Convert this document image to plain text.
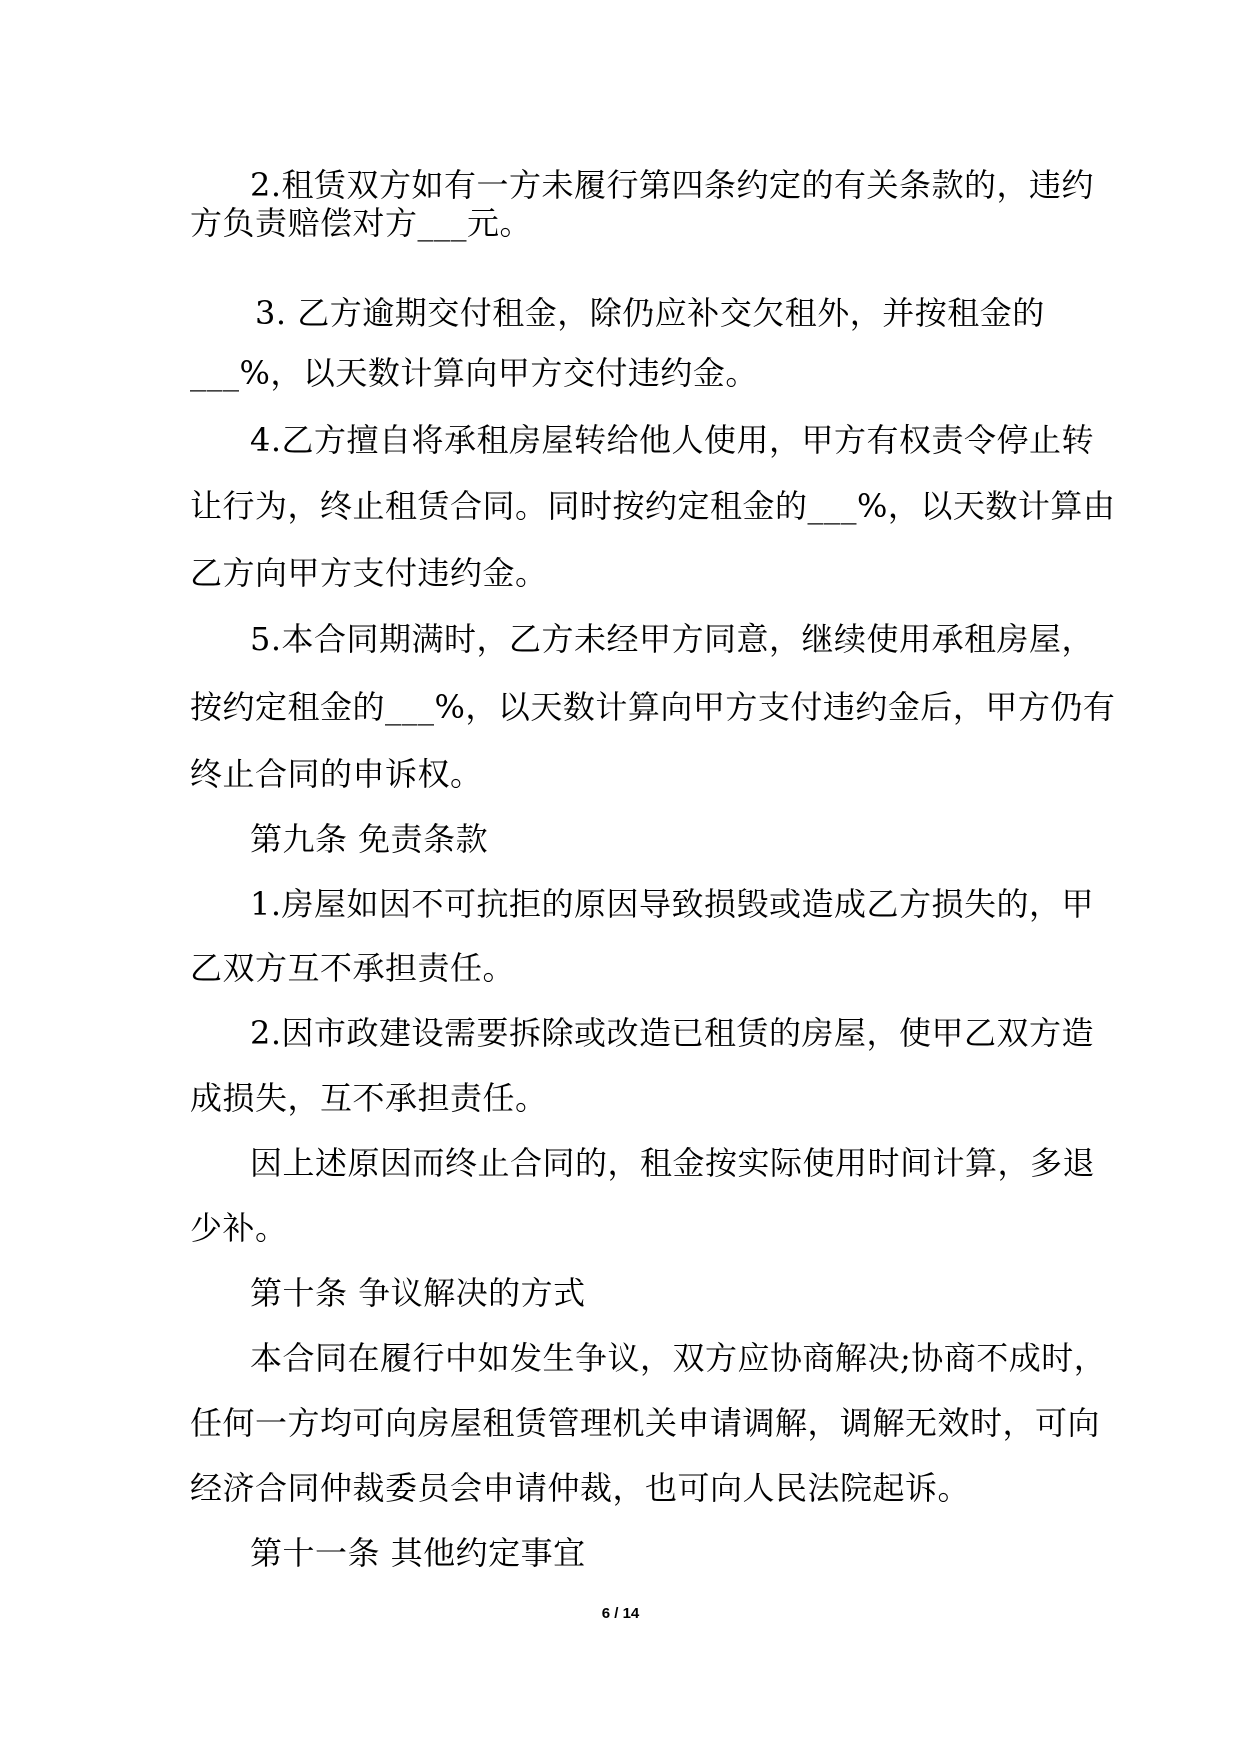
2.租赁双方如有一方未履行第四条约定的有关条款的，违约
方负责赔偿对方___元。
3. 乙方逾期交付租金，除仍应补交欠租外，并按租金的
___%，以天数计算向甲方交付违约金。
4.乙方擅自将承租房屋转给他人使用，甲方有权责令停止转
让行为，终止租赁合同。同时按约定租金的___%，以天数计算由
乙方向甲方支付违约金。
5.本合同期满时，乙方未经甲方同意，继续使用承租房屋，
按约定租金的___%，以天数计算向甲方支付违约金后，甲方仍有
终止合同的申诉权。
第九条 免责条款
1.房屋如因不可抗拒的原因导致损毁或造成乙方损失的，甲
乙双方互不承担责任。
2.因市政建设需要拆除或改造已租赁的房屋，使甲乙双方造
成损失，互不承担责任。
因上述原因而终止合同的，租金按实际使用时间计算，多退
少补。
第十条 争议解决的方式
本合同在履行中如发生争议，双方应协商解决;协商不成时，
任何一方均可向房屋租赁管理机关申请调解，调解无效时，可向
经济合同仲裁委员会申请仲裁，也可向人民法院起诉。
第十一条 其他约定事宜
6 / 14
